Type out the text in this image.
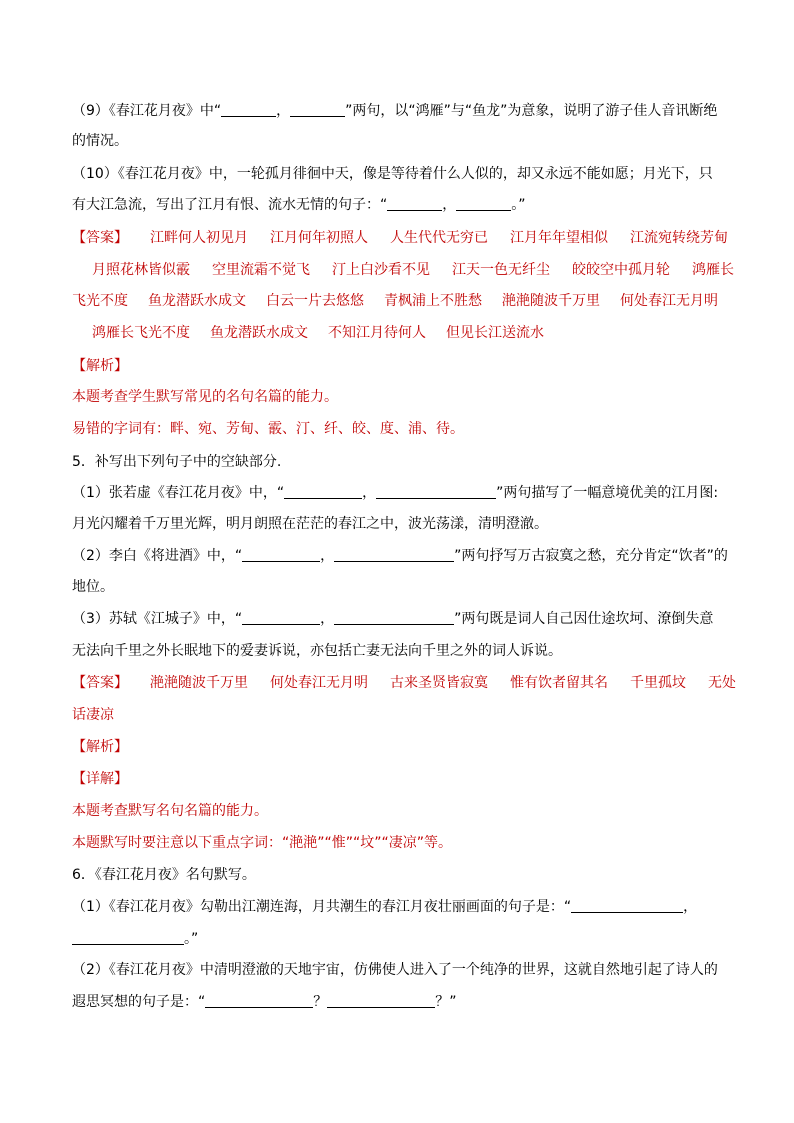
（9）《春江花月夜》中“	，	”两句，以“鸿雁”与“鱼龙”为意象，说明了游子佳人音讯断绝
的情况。
（10）《春江花月夜》中，一轮孤月徘徊中天，像是等待着什么人似的，却又永远不能如愿；月光下，只
有大江急流，写出了江月有恨、流水无情的句子：“	，	。”
【答案】 江畔何人初见月 江月何年初照人 人生代代无穷已 江月年年望相似 江流宛转绕芳甸
月照花林皆似霰 空里流霜不觉飞 汀上白沙看不见 江天一色无纤尘 皎皎空中孤月轮 鸿雁长
飞光不度 鱼龙潜跃水成文 白云一片去悠悠 青枫浦上不胜愁 滟滟随波千万里 何处春江无月明
鸿雁长飞光不度 鱼龙潜跃水成文 不知江月待何人 但见长江送流水
【解析】
本题考查学生默写常见的名句名篇的能力。
易错的字词有：畔、宛、芳甸、霰、汀、纤、皎、度、浦、待。
5．补写出下列句子中的空缺部分.
（1）张若虚《春江花月夜》中，“	，	”两句描写了一幅意境优美的江月图:
月光闪耀着千万里光辉，明月朗照在茫茫的春江之中，波光荡漾，清明澄澈。
（2）李白《将进酒》中，“	，	”两句抒写万古寂寞之愁，充分肯定“饮者”的
地位。
（3）苏轼《江城子》中，“	，	”两句既是词人自己因仕途坎坷、潦倒失意
无法向千里之外长眠地下的爱妻诉说，亦包括亡妻无法向千里之外的词人诉说。
【答案】 滟滟随波千万里 何处春江无月明 古来圣贤皆寂寞 惟有饮者留其名 千里孤坟 无处
话凄凉
【解析】
【详解】
本题考查默写名句名篇的能力。
本题默写时要注意以下重点字词：“滟滟”“惟”“坟”“凄凉”等。
6．《春江花月夜》名句默写。
（1）《春江花月夜》勾勒出江潮连海，月共潮生的春江月夜壮丽画面的句子是：“	，
。”
（2）《春江花月夜》中清明澄澈的天地宇宙，仿佛使人进入了一个纯净的世界，这就自然地引起了诗人的
遐思冥想的句子是：“	？	？”
